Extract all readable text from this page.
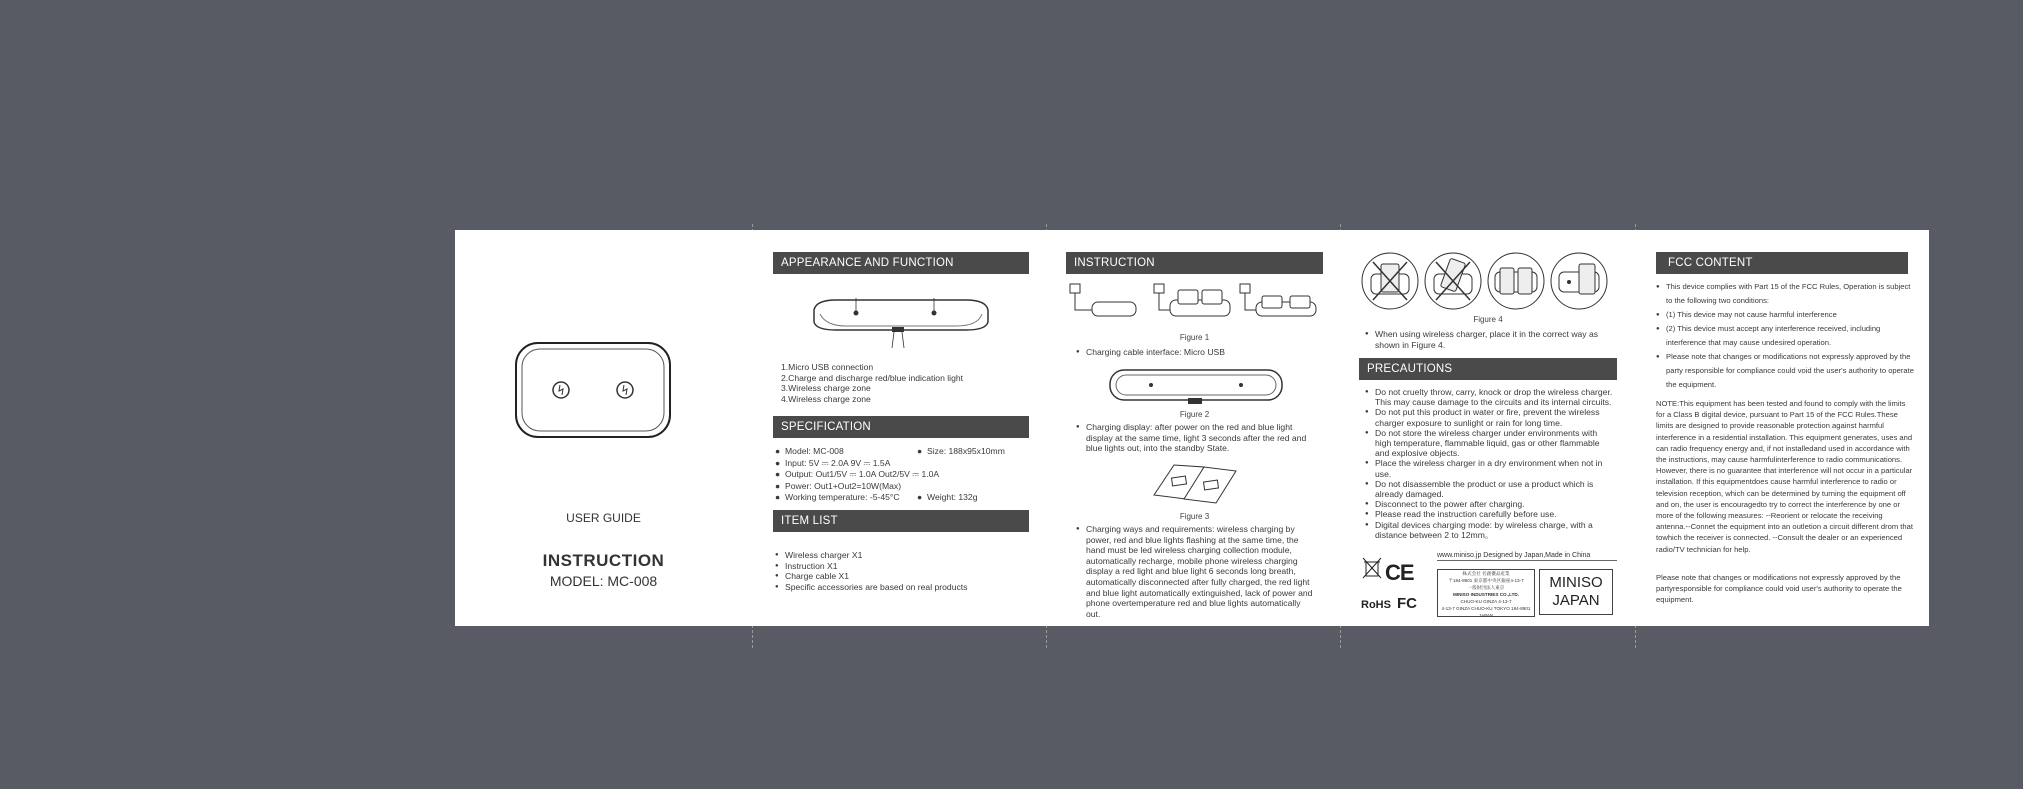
USER GUIDE
INSTRUCTION
MODEL: MC-008
APPEARANCE AND FUNCTION
1.Micro USB connection
2.Charge and discharge red/blue indication light
3.Wireless charge zone
4.Wireless charge zone
SPECIFICATION
● Model: MC-008	● Size: 188x95x10mm
● Input: 5V ⎓ 2.0A 9V ⎓ 1.5A
● Output: Out1/5V ⎓ 1.0A Out2/5V ⎓ 1.0A
● Power: Out1+Out2=10W(Max)
● Working temperature: -5-45°C ● Weight: 132g
ITEM LIST
● Wireless charger X1
● Instruction X1
● Charge cable X1
● Specific accessories are based on real products
INSTRUCTION
Figure 1
● Charging cable interface: Micro USB
Figure 2
● Charging display: after power on the red and blue light display at the same time, light 3 seconds after the red and blue lights out, into the standby State.
Figure 3
● Charging ways and requirements: wireless charging by power, red and blue lights flashing at the same time, the hand must be led wireless charging collection module, automatically recharge, mobile phone wireless charging display a red light and blue light 6 seconds long breath, automatically disconnected after fully charged, the red light and blue light automatically extinguished, lack of power and phone overtemperature red and blue lights automatically out.
Figure 4
● When using wireless charger, place it in the correct way as shown in Figure 4.
PRECAUTIONS
● Do not cruelty throw, carry, knock or drop the wireless charger. This may cause damage to the circuits and its internal circuits.
● Do not put this product in water or fire, prevent the wireless charger exposure to sunlight or rain for long time.
● Do not store the wireless charger under environments with high temperature, flammable liquid, gas or other flammable and explosive objects.
● Place the wireless charger in a dry environment when not in use.
● Do not disassemble the product or use a product which is already damaged.
● Disconnect to the power after charging.
● Please read the instruction carefully before use.
● Digital devices charging mode: by wireless charge, with a distance between 2 to 12mm。
www.miniso.jp Designed by Japan,Made in China
CE
RoHS FC
株式会社 名創優品産業
〒184-8901 東京都中央区銀座4-13-7
一般財団法人東京
MINISO INDUSTRIES CO.,LTD.
CHUO-KU GINZA 4-13-7
4-13-7 GINZA CHUO-KU TOKYO 184-8901 JAPAN
MINISO
JAPAN
FCC CONTENT
● This device complies with Part 15 of the FCC Rules, Operation is subject to the following two conditions:
● (1) This device may not cause harmful interference
● (2) This device must accept any interference received, including interference that may cause undesired operation.
● Please note that changes or modifications not expressly approved by the party responsible for compliance could void the user's authority to operate the equipment.
NOTE:This equipment has been tested and found to comply with the limits for a Class B digital device, pursuant to Part 15 of the FCC Rules.These limits are designed to provide reasonable protection against harmful interference in a residential installation. This equipment generates, uses and can radio frequency energy and, if not installedand used in accordance with the instructions, may cause harmfulinterference to radio communications. However, there is no guarantee that interference will not occur in a particular installation. If this equipmentdoes cause harmful interference to radio or television reception, which can be determined by turning the equipment off and on, the user is encouragedto try to correct the interference by one or more of the following measures: --Reorient or relocate the receiving antenna.--Connet the equipment into an outletion a circuit different drom that towhich the receiver is connected. --Consult the dealer or an experienced radio/TV technician for help.
Please note that changes or modifications not expressly approved by the partyresponsible for compliance could void user's authority to operate the equipment.
